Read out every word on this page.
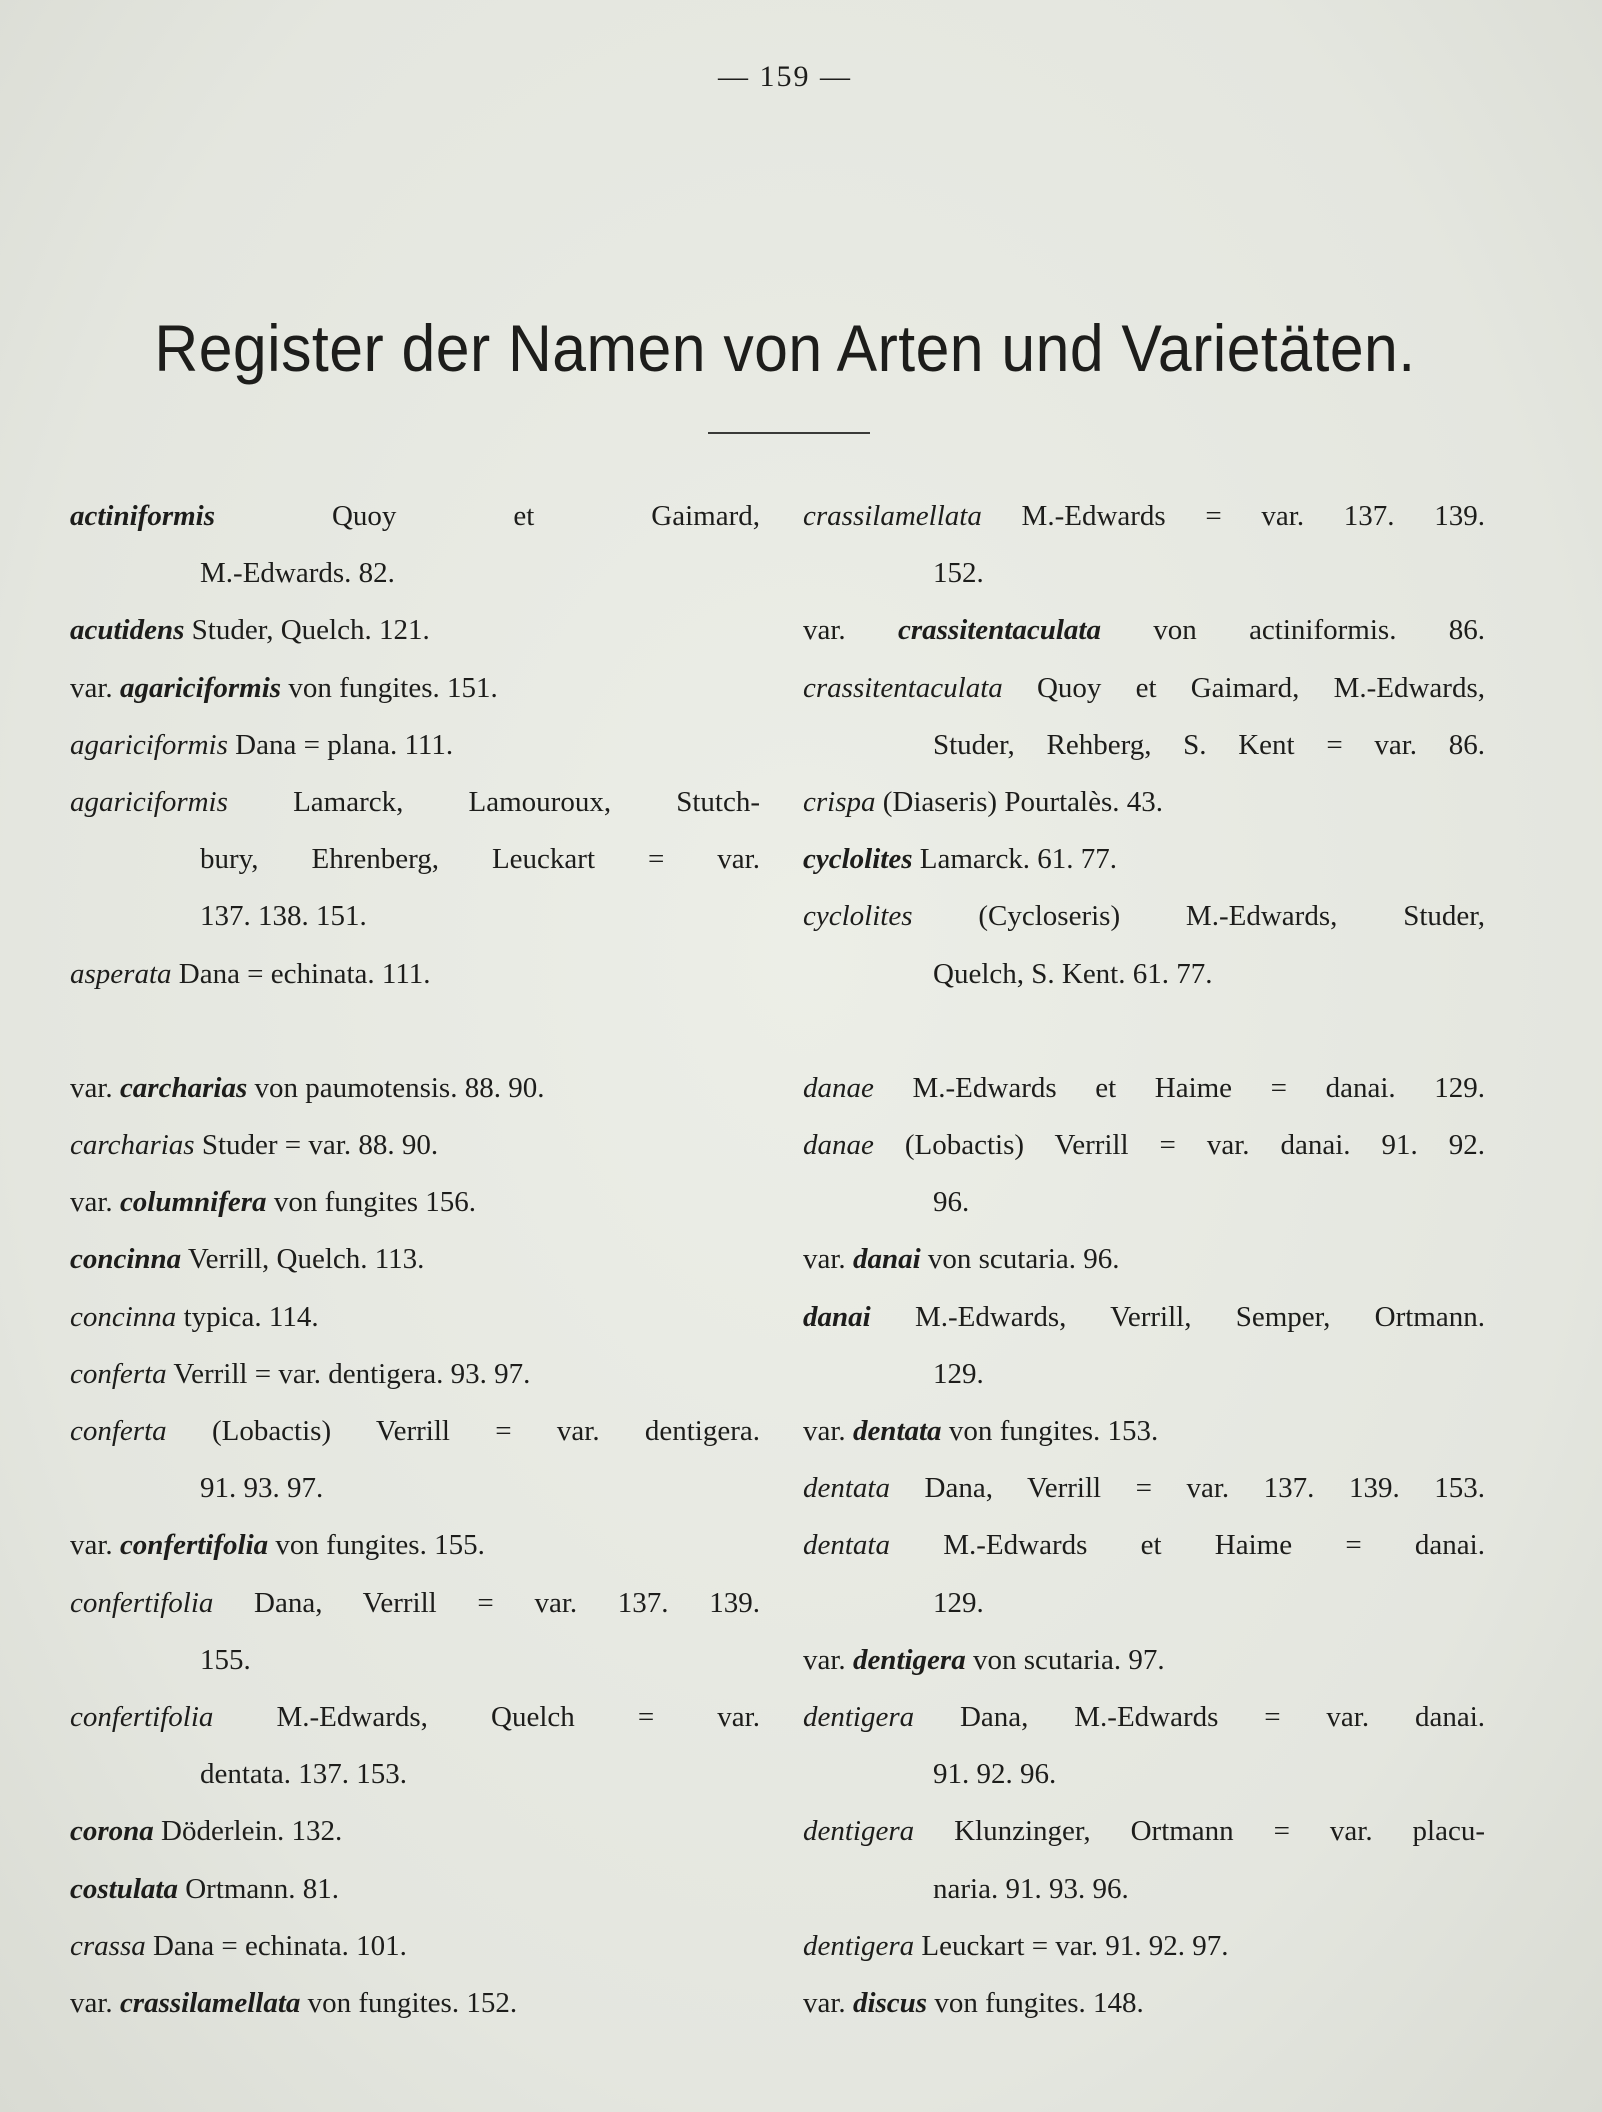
— 159 —
Register der Namen von Arten und Varietäten.
actiniformis Quoy et Gaimard,
M.-Edwards. 82.
acutidens Studer, Quelch. 121.
var. agariciformis von fungites. 151.
agariciformis Dana = plana. 111.
agariciformis Lamarck, Lamouroux, Stutch-
bury, Ehrenberg, Leuckart = var.
137. 138. 151.
asperata Dana = echinata. 111.
var. carcharias von paumotensis. 88. 90.
carcharias Studer = var. 88. 90.
var. columnifera von fungites 156.
concinna Verrill, Quelch. 113.
concinna typica. 114.
conferta Verrill = var. dentigera. 93. 97.
conferta (Lobactis) Verrill = var. dentigera.
91. 93. 97.
var. confertifolia von fungites. 155.
confertifolia Dana, Verrill = var. 137. 139.
155.
confertifolia M.-Edwards, Quelch = var.
dentata. 137. 153.
corona Döderlein. 132.
costulata Ortmann. 81.
crassa Dana = echinata. 101.
var. crassilamellata von fungites. 152.
crassilamellata M.-Edwards = var. 137. 139.
152.
var. crassitentaculata von actiniformis. 86.
crassitentaculata Quoy et Gaimard, M.-Edwards,
Studer, Rehberg, S. Kent = var. 86.
crispa (Diaseris) Pourtalès. 43.
cyclolites Lamarck. 61. 77.
cyclolites (Cycloseris) M.-Edwards, Studer,
Quelch, S. Kent. 61. 77.
danae M.-Edwards et Haime = danai. 129.
danae (Lobactis) Verrill = var. danai. 91. 92.
96.
var. danai von scutaria. 96.
danai M.-Edwards, Verrill, Semper, Ortmann.
129.
var. dentata von fungites. 153.
dentata Dana, Verrill = var. 137. 139. 153.
dentata M.-Edwards et Haime = danai.
129.
var. dentigera von scutaria. 97.
dentigera Dana, M.-Edwards = var. danai.
91. 92. 96.
dentigera Klunzinger, Ortmann = var. placu-
naria. 91. 93. 96.
dentigera Leuckart = var. 91. 92. 97.
var. discus von fungites. 148.
